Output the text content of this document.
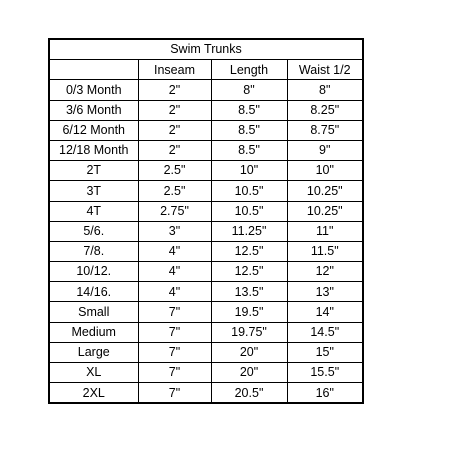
Swim Trunks			
	Inseam	Length	Waist 1/2
0/3 Month	2"	8"	8"
3/6 Month	2"	8.5"	8.25"
6/12 Month	2"	8.5"	8.75"
12/18 Month	2"	8.5"	9"
2T	2.5"	10"	10"
3T	2.5"	10.5"	10.25"
4T	2.75"	10.5"	10.25"
5/6.	3"	11.25"	11"
7/8.	4"	12.5"	11.5"
10/12.	4"	12.5"	12"
14/16.	4"	13.5"	13"
Small	7"	19.5"	14"
Medium	7"	19.75"	14.5"
Large	7"	20"	15"
XL	7"	20"	15.5"
2XL	7"	20.5"	16"
